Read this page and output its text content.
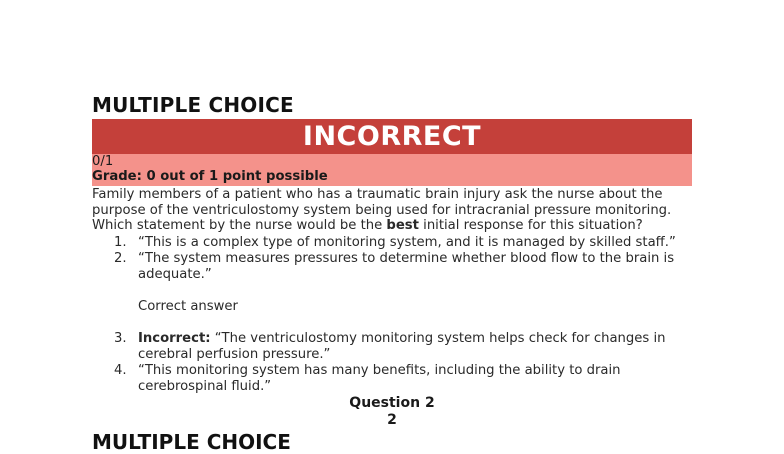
MULTIPLE CHOICE
INCORRECT
0/1
Grade: 0 out of 1 point possible
Family members of a patient who has a traumatic brain injury ask the nurse about the purpose of the ventriculostomy system being used for intracranial pressure monitoring. Which statement by the nurse would be the best initial response for this situation?
1. “This is a complex type of monitoring system, and it is managed by skilled staff.”
2. “The system measures pressures to determine whether blood flow to the brain is adequate.”
Correct answer
3. Incorrect: “The ventriculostomy monitoring system helps check for changes in cerebral perfusion pressure.”
4. “This monitoring system has many benefits, including the ability to drain cerebrospinal fluid.”
Question 2
2
MULTIPLE CHOICE
